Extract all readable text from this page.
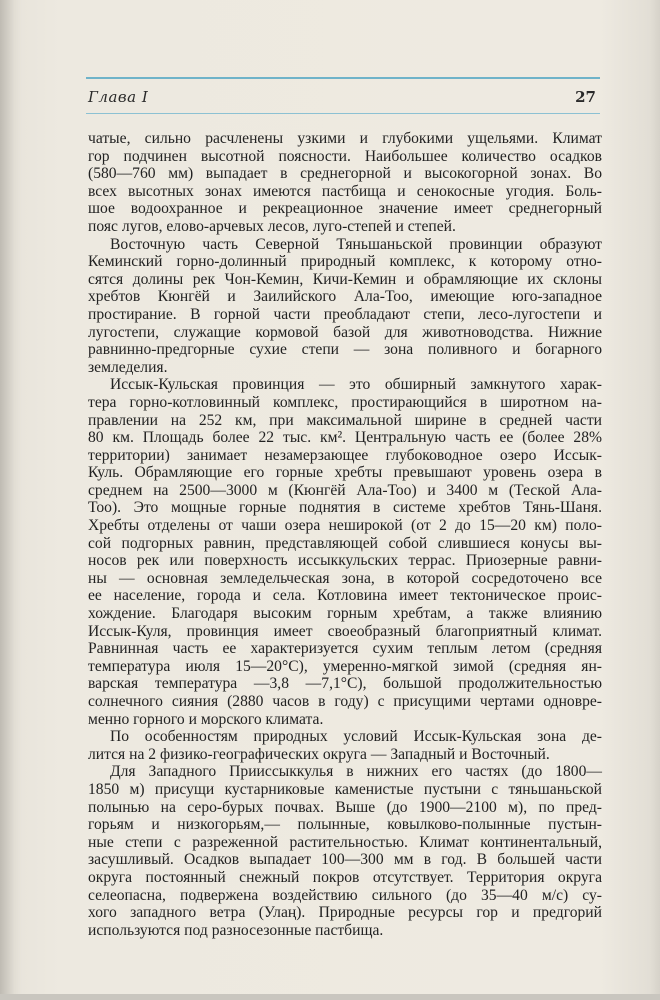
Глава I	27

чатые, сильно расчленены узкими и глубокими ущельями. Климат
гор подчинен высотной поясности. Наибольшее количество осадков
(580—760 мм) выпадает в среднегорной и высокогорной зонах. Во
всех высотных зонах имеются пастбища и сенокосные угодия. Боль-
шое водоохранное и рекреационное значение имеет среднегорный
пояс лугов, елово-арчевых лесов, луго-степей и степей.

Восточную часть Северной Тяньшаньской провинции образуют
Кеминский горно-долинный природный комплекс, к которому отно-
сятся долины рек Чон-Кемин, Кичи-Кемин и обрамляющие их склоны
хребтов Кюнгёй и Заилийского Ала-Тоо, имеющие юго-западное
простирание. В горной части преобладают степи, лесо-лугостепи и
лугостепи, служащие кормовой базой для животноводства. Нижние
равнинно-предгорные сухие степи — зона поливного и богарного
земледелия.

Иссык-Кульская провинция — это обширный замкнутого харак-
тера горно-котловинный комплекс, простирающийся в широтном на-
правлении на 252 км, при максимальной ширине в средней части
80 км. Площадь более 22 тыс. км². Центральную часть ее (более 28%
территории) занимает незамерзающее глубоководное озеро Иссык-
Куль. Обрамляющие его горные хребты превышают уровень озера в
среднем на 2500—3000 м (Кюнгёй Ала-Тоо) и 3400 м (Теской Ала-
Тоо). Это мощные горные поднятия в системе хребтов Тянь-Шаня.
Хребты отделены от чаши озера неширокой (от 2 до 15—20 км) поло-
сой подгорных равнин, представляющей собой слившиеся конусы вы-
носов рек или поверхность иссыккульских террас. Приозерные равни-
ны — основная земледельческая зона, в которой сосредоточено все
ее население, города и села. Котловина имеет тектоническое проис-
хождение. Благодаря высоким горным хребтам, а также влиянию
Иссык-Куля, провинция имеет своеобразный благоприятный климат.
Равнинная часть ее характеризуется сухим теплым летом (средняя
температура июля 15—20°C), умеренно-мягкой зимой (средняя ян-
варская температура —3,8 —7,1°C), большой продолжительностью
солнечного сияния (2880 часов в году) с присущими чертами одновре-
менно горного и морского климата.

По особенностям природных условий Иссык-Кульская зона де-
лится на 2 физико-географических округа — Западный и Восточный.

Для Западного Прииссыккулья в нижних его частях (до 1800—
1850 м) присущи кустарниковые каменистые пустыни с тяньшаньской
полынью на серо-бурых почвах. Выше (до 1900—2100 м), по пред-
горьям и низкогорьям,— полынные, ковылково-полынные пустын-
ные степи с разреженной растительностью. Климат континентальный,
засушливый. Осадков выпадает 100—300 мм в год. В большей части
округа постоянный снежный покров отсутствует. Территория округа
селеопасна, подвержена воздействию сильного (до 35—40 м/с) су-
хого западного ветра (Улаң). Природные ресурсы гор и предгорий
используются под разносезонные пастбища.
